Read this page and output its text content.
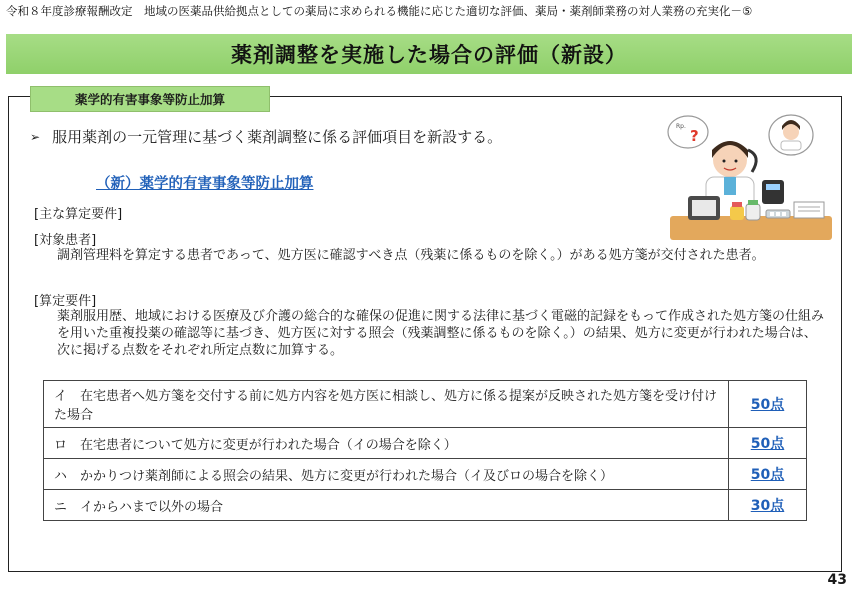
令和８年度診療報酬改定　地域の医薬品供給拠点としての薬局に求められる機能に応じた適切な評価、薬局・薬剤師業務の対人業務の充実化－⑤
薬剤調整を実施した場合の評価（新設）
薬学的有害事象等防止加算
➢ 服用薬剤の一元管理に基づく薬剤調整に係る評価項目を新設する。
（新）薬学的有害事象等防止加算
[主な算定要件]
[対象患者]
調剤管理料を算定する患者であって、処方医に確認すべき点（残薬に係るものを除く。）がある処方箋が交付された患者。
[算定要件]
薬剤服用歴、地域における医療及び介護の総合的な確保の促進に関する法律に基づく電磁的記録をもって作成された処方箋の仕組みを用いた重複投薬の確認等に基づき、処方医に対する照会（残薬調整に係るものを除く。）の結果、処方に変更が行われた場合は、次に掲げる点数をそれぞれ所定点数に加算する。
イ　在宅患者へ処方箋を交付する前に処方内容を処方医に相談し、処方に係る提案が反映された処方箋を受け付けた場合	50点
ロ　在宅患者について処方に変更が行われた場合（イの場合を除く）	50点
ハ　かかりつけ薬剤師による照会の結果、処方に変更が行われた場合（イ及びロの場合を除く）	50点
ニ　イからハまで以外の場合	30点
Rp.
?
43
